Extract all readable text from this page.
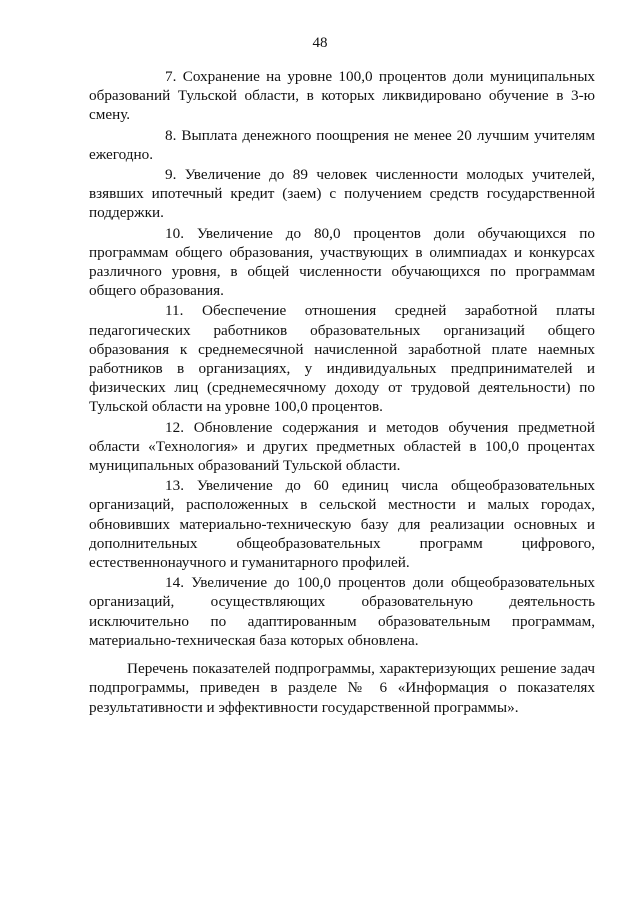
48

7. Сохранение на уровне 100,0 процентов доли муниципальных образований Тульской области, в которых ликвидировано обучение в 3-ю смену.

8. Выплата денежного поощрения не менее 20 лучшим учителям ежегодно.

9. Увеличение до 89 человек численности молодых учителей, взявших ипотечный кредит (заем) с получением средств государственной поддержки.

10. Увеличение до 80,0 процентов доли обучающихся по программам общего образования, участвующих в олимпиадах и конкурсах различного уровня, в общей численности обучающихся по программам общего образования.

11. Обеспечение отношения средней заработной платы педагогических работников образовательных организаций общего образования к среднемесячной начисленной заработной плате наемных работников в организациях, у индивидуальных предпринимателей и физических лиц (среднемесячному доходу от трудовой деятельности) по Тульской области на уровне 100,0 процентов.

12. Обновление содержания и методов обучения предметной области «Технология» и других предметных областей в 100,0 процентах муниципальных образований Тульской области.

13. Увеличение до 60 единиц числа общеобразовательных организаций, расположенных в сельской местности и малых городах, обновивших материально-техническую базу для реализации основных и дополнительных общеобразовательных программ цифрового, естественнонаучного и гуманитарного профилей.

14. Увеличение до 100,0 процентов доли общеобразовательных организаций, осуществляющих образовательную деятельность исключительно по адаптированным образовательным программам, материально-техническая база которых обновлена.

Перечень показателей подпрограммы, характеризующих решение задач подпрограммы, приведен в разделе № 6 «Информация о показателях результативности и эффективности государственной программы».
